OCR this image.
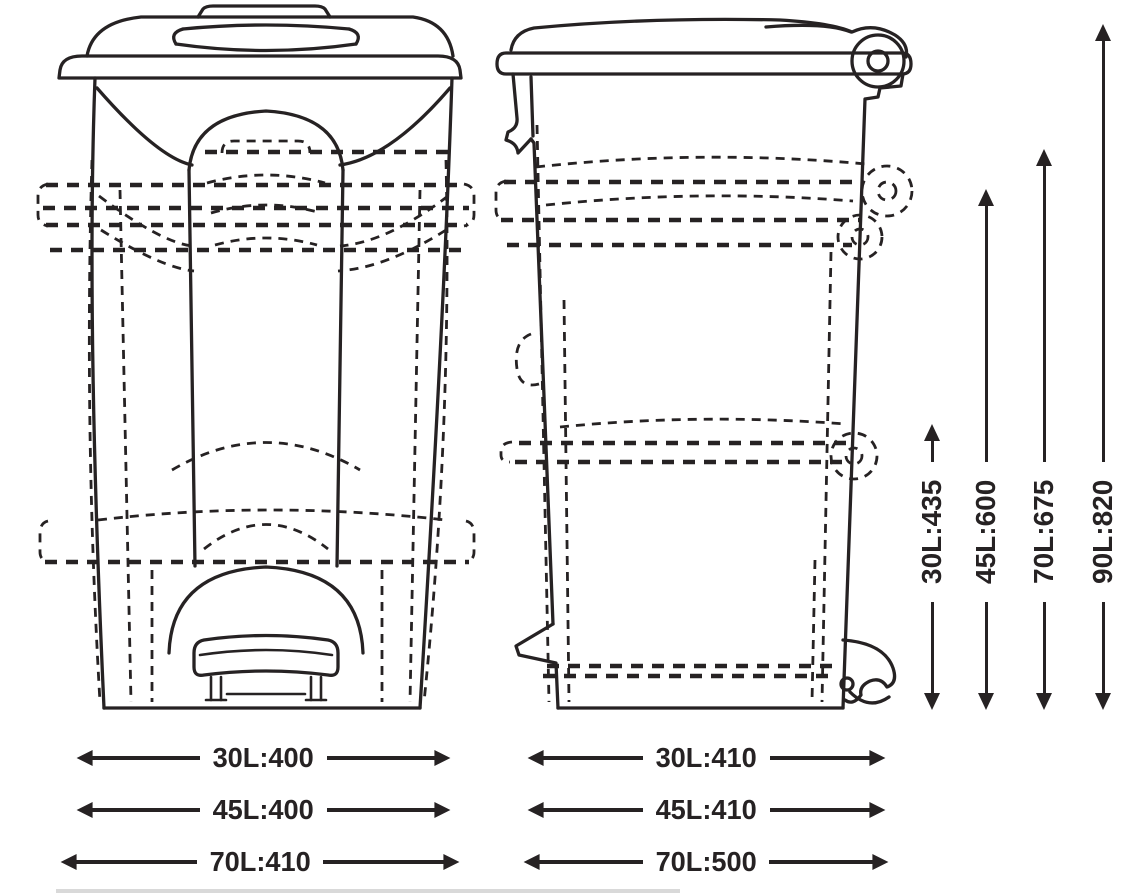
30L:400
45L:400
70L:410
30L:410
45L:410
70L:500
30L:435 45L:600 70L:675 90L:820
